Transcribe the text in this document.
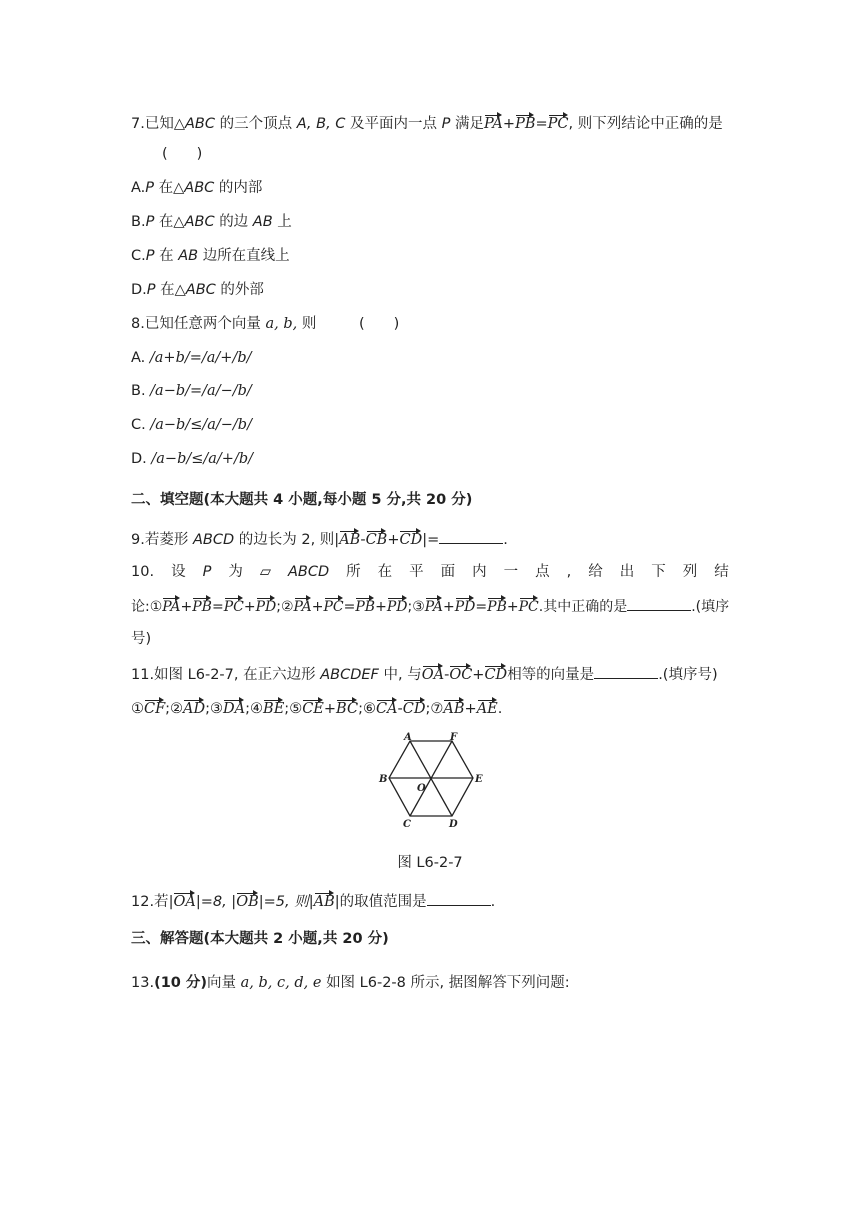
7.已知△ABC 的三个顶点 A, B, C 及平面内一点 P 满足PA+PB=PC, 则下列结论中正确的是
(　　)
A.P 在△ABC 的内部
B.P 在△ABC 的边 AB 上
C.P 在 AB 边所在直线上
D.P 在△ABC 的外部
8.已知任意两个向量 a, b, 则	(　　)
A. /a+b/=/a/+/b/
B. /a−b/=/a/−/b/
C. /a−b/≤/a/−/b/
D. /a−b/≤/a/+/b/
二、填空题(本大题共 4 小题,每小题 5 分,共 20 分)
9.若菱形 ABCD 的边长为 2, 则|AB-CB+CD|=	.
10. 设 P 为 ▱ ABCD 所 在 平 面 内 一 点 , 给 出 下 列 结
论:①PA+PB=PC+PD;②PA+PC=PB+PD;③PA+PD=PB+PC.其中正确的是	.(填序
号)
11.如图 L6-2-7, 在正六边形 ABCDEF 中, 与OA-OC+CD相等的向量是	.(填序号)
①CF;②AD;③DA;④BE;⑤CE+BC;⑥CA-CD;⑦AB+AE.
A	F
B
O
E
C	D
图 L6-2-7
12.若|OA|=8, |OB|=5, 则|AB|的取值范围是	.
三、解答题(本大题共 2 小题,共 20 分)
13.(10 分)向量 a, b, c, d, e 如图 L6-2-8 所示, 据图解答下列问题:
